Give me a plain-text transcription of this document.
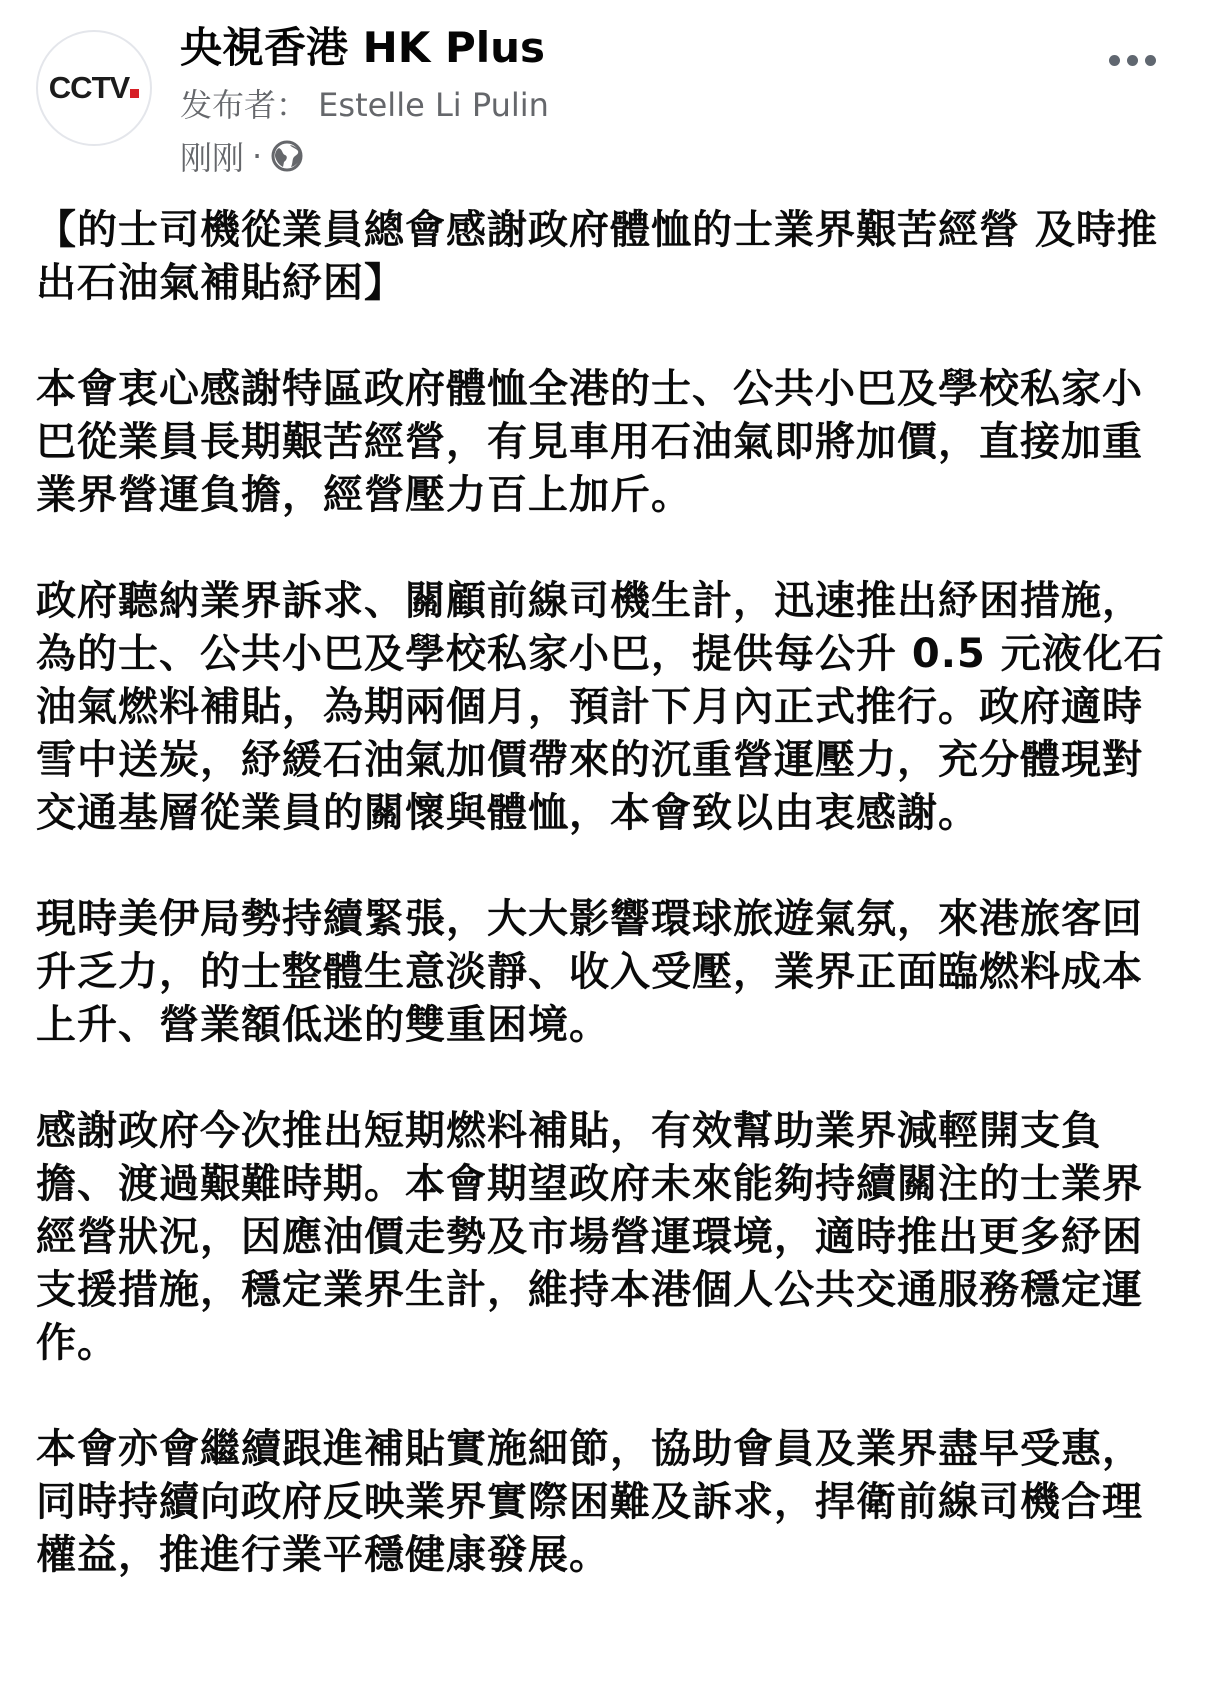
CCTV
央視香港 HK Plus
发布者： Estelle Li Pulin
刚刚 ·

【的士司機從業員總會感謝政府體恤的士業界艱苦經營 及時推出石油氣補貼紓困】

本會衷心感謝特區政府體恤全港的士、公共小巴及學校私家小巴從業員長期艱苦經營，有見車用石油氣即將加價，直接加重業界營運負擔，經營壓力百上加斤。

政府聽納業界訴求、關顧前線司機生計，迅速推出紓困措施，為的士、公共小巴及學校私家小巴，提供每公升 0.5 元液化石油氣燃料補貼，為期兩個月，預計下月內正式推行。政府適時雪中送炭，紓緩石油氣加價帶來的沉重營運壓力，充分體現對交通基層從業員的關懷與體恤，本會致以由衷感謝。

現時美伊局勢持續緊張，大大影響環球旅遊氣氛，來港旅客回升乏力，的士整體生意淡靜、收入受壓，業界正面臨燃料成本上升、營業額低迷的雙重困境。

感謝政府今次推出短期燃料補貼，有效幫助業界減輕開支負擔、渡過艱難時期。本會期望政府未來能夠持續關注的士業界經營狀況，因應油價走勢及市場營運環境，適時推出更多紓困支援措施，穩定業界生計，維持本港個人公共交通服務穩定運作。

本會亦會繼續跟進補貼實施細節，協助會員及業界盡早受惠，同時持續向政府反映業界實際困難及訴求，捍衛前線司機合理權益，推進行業平穩健康發展。
